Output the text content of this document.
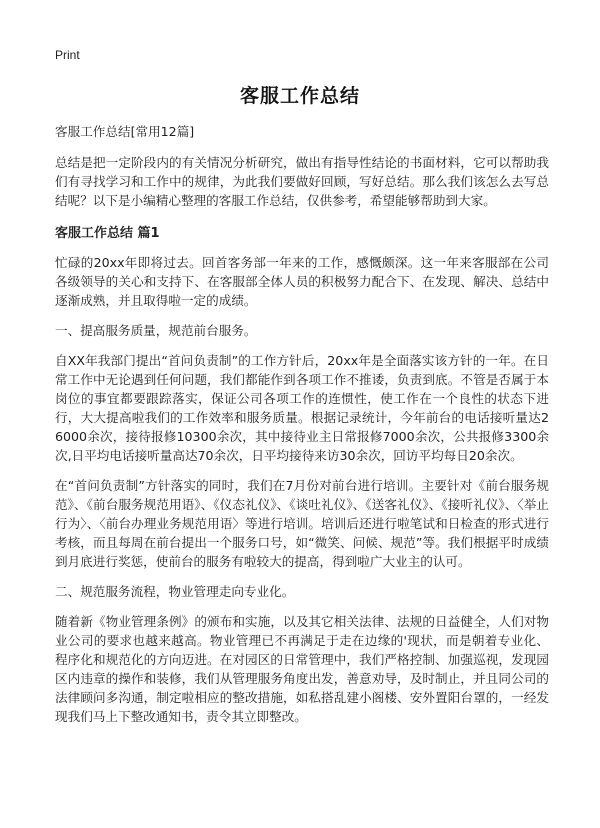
Print
客服工作总结

客服工作总结[常用12篇]

总结是把一定阶段内的有关情况分析研究，做出有指导性结论的书面材料，它可以帮助我们有寻找学习和工作中的规律，为此我们要做好回顾，写好总结。那么我们该怎么去写总结呢？以下是小编精心整理的客服工作总结，仅供参考，希望能够帮助到大家。

客服工作总结 篇1

忙碌的20xx年即将过去。回首客务部一年来的工作，感慨颇深。这一年来客服部在公司各级领导的关心和支持下、在客服部全体人员的积极努力配合下、在发现、解决、总结中逐渐成熟，并且取得啦一定的成绩。

一、提高服务质量，规范前台服务。

自XX年我部门提出“首问负责制”的工作方针后，20xx年是全面落实该方针的一年。在日常工作中无论遇到任何问题，我们都能作到各项工作不推诿，负责到底。不管是否属于本岗位的事宜都要跟踪落实，保证公司各项工作的连惯性，使工作在一个良性的状态下进行，大大提高啦我们的工作效率和服务质量。根据记录统计，今年前台的电话接听量达26000余次，接待报修10300余次，其中接待业主日常报修7000余次，公共报修3300余次,日平均电话接听量高达70余次，日平均接待来访30余次，回访平均每日20余次。

在“首问负责制”方针落实的同时，我们在7月份对前台进行培训。主要针对《前台服务规范》、《前台服务规范用语》、《仪态礼仪》、《谈吐礼仪》、《送客礼仪》、《接听礼仪》、〈举止行为〉、〈前台办理业务规范用语〉等进行培训。培训后还进行啦笔试和日检查的形式进行考核，而且每周在前台提出一个服务口号，如“微笑、问候、规范”等。我们根据平时成绩到月底进行奖惩，使前台的服务有啦较大的提高，得到啦广大业主的认可。

二、规范服务流程，物业管理走向专业化。

随着新《物业管理条例》的颁布和实施，以及其它相关法律、法规的日益健全，人们对物业公司的要求也越来越高。物业管理已不再满足于走在边缘的'现状，而是朝着专业化、程序化和规范化的方向迈进。在对园区的日常管理中，我们严格控制、加强巡视，发现园区内违章的操作和装修，我们从管理服务角度出发，善意劝导，及时制止，并且同公司的法律顾问多沟通，制定啦相应的整改措施，如私搭乱建小阁楼、安外置阳台罩的，一经发现我们马上下整改通知书，责令其立即整改。
